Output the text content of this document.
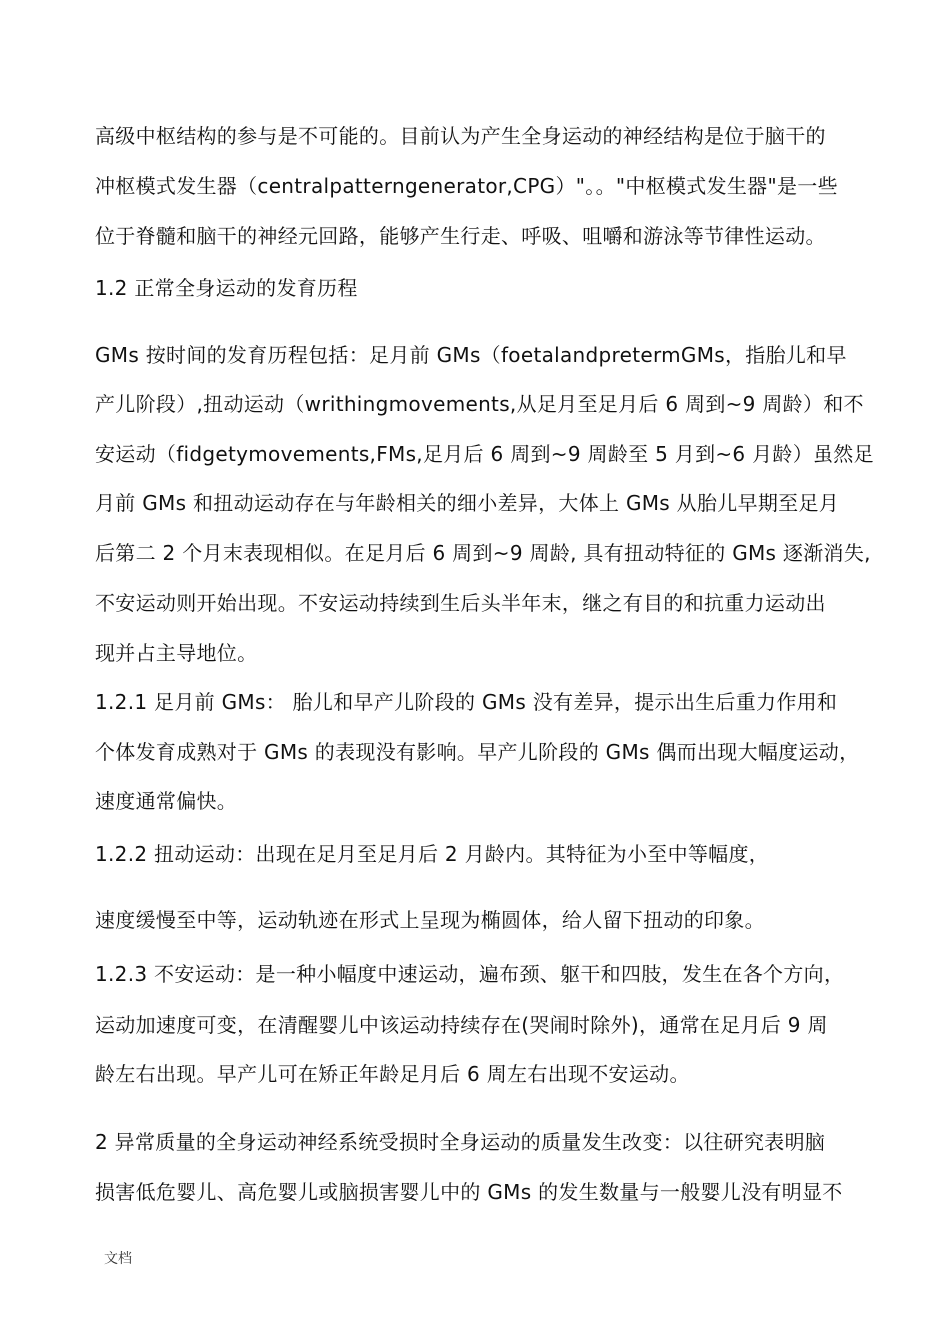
高级中枢结构的参与是不可能的。目前认为产生全身运动的神经结构是位于脑干的
冲枢模式发生器（centralpatterngenerator,CPG）"。。"中枢模式发生器"是一些
位于脊髓和脑干的神经元回路，能够产生行走、呼吸、咀嚼和游泳等节律性运动。
1.2 正常全身运动的发育历程
GMs 按时间的发育历程包括：足月前 GMs（foetalandpretermGMs，指胎儿和早
产儿阶段）,扭动运动（writhingmovements,从足月至足月后 6 周到~9 周龄）和不
安运动（fidgetymovements,FMs,足月后 6 周到~9 周龄至 5 月到~6 月龄）虽然足
月前 GMs 和扭动运动存在与年龄相关的细小差异，大体上 GMs 从胎儿早期至足月
后第二 2 个月末表现相似。在足月后 6 周到~9 周龄, 具有扭动特征的 GMs 逐渐消失,
不安运动则开始出现。不安运动持续到生后头半年末，继之有目的和抗重力运动出
现并占主导地位。
1.2.1 足月前 GMs： 胎儿和早产儿阶段的 GMs 没有差异，提示出生后重力作用和
个体发育成熟对于 GMs 的表现没有影响。早产儿阶段的 GMs 偶而出现大幅度运动，
速度通常偏快。
1.2.2 扭动运动：出现在足月至足月后 2 月龄内。其特征为小至中等幅度，
速度缓慢至中等，运动轨迹在形式上呈现为椭圆体，给人留下扭动的印象。
1.2.3 不安运动：是一种小幅度中速运动，遍布颈、躯干和四肢，发生在各个方向，
运动加速度可变，在清醒婴儿中该运动持续存在(哭闹时除外)，通常在足月后 9 周
龄左右出现。早产儿可在矫正年龄足月后 6 周左右出现不安运动。
2 异常质量的全身运动神经系统受损时全身运动的质量发生改变：以往研究表明脑
损害低危婴儿、高危婴儿或脑损害婴儿中的 GMs 的发生数量与一般婴儿没有明显不
文档
